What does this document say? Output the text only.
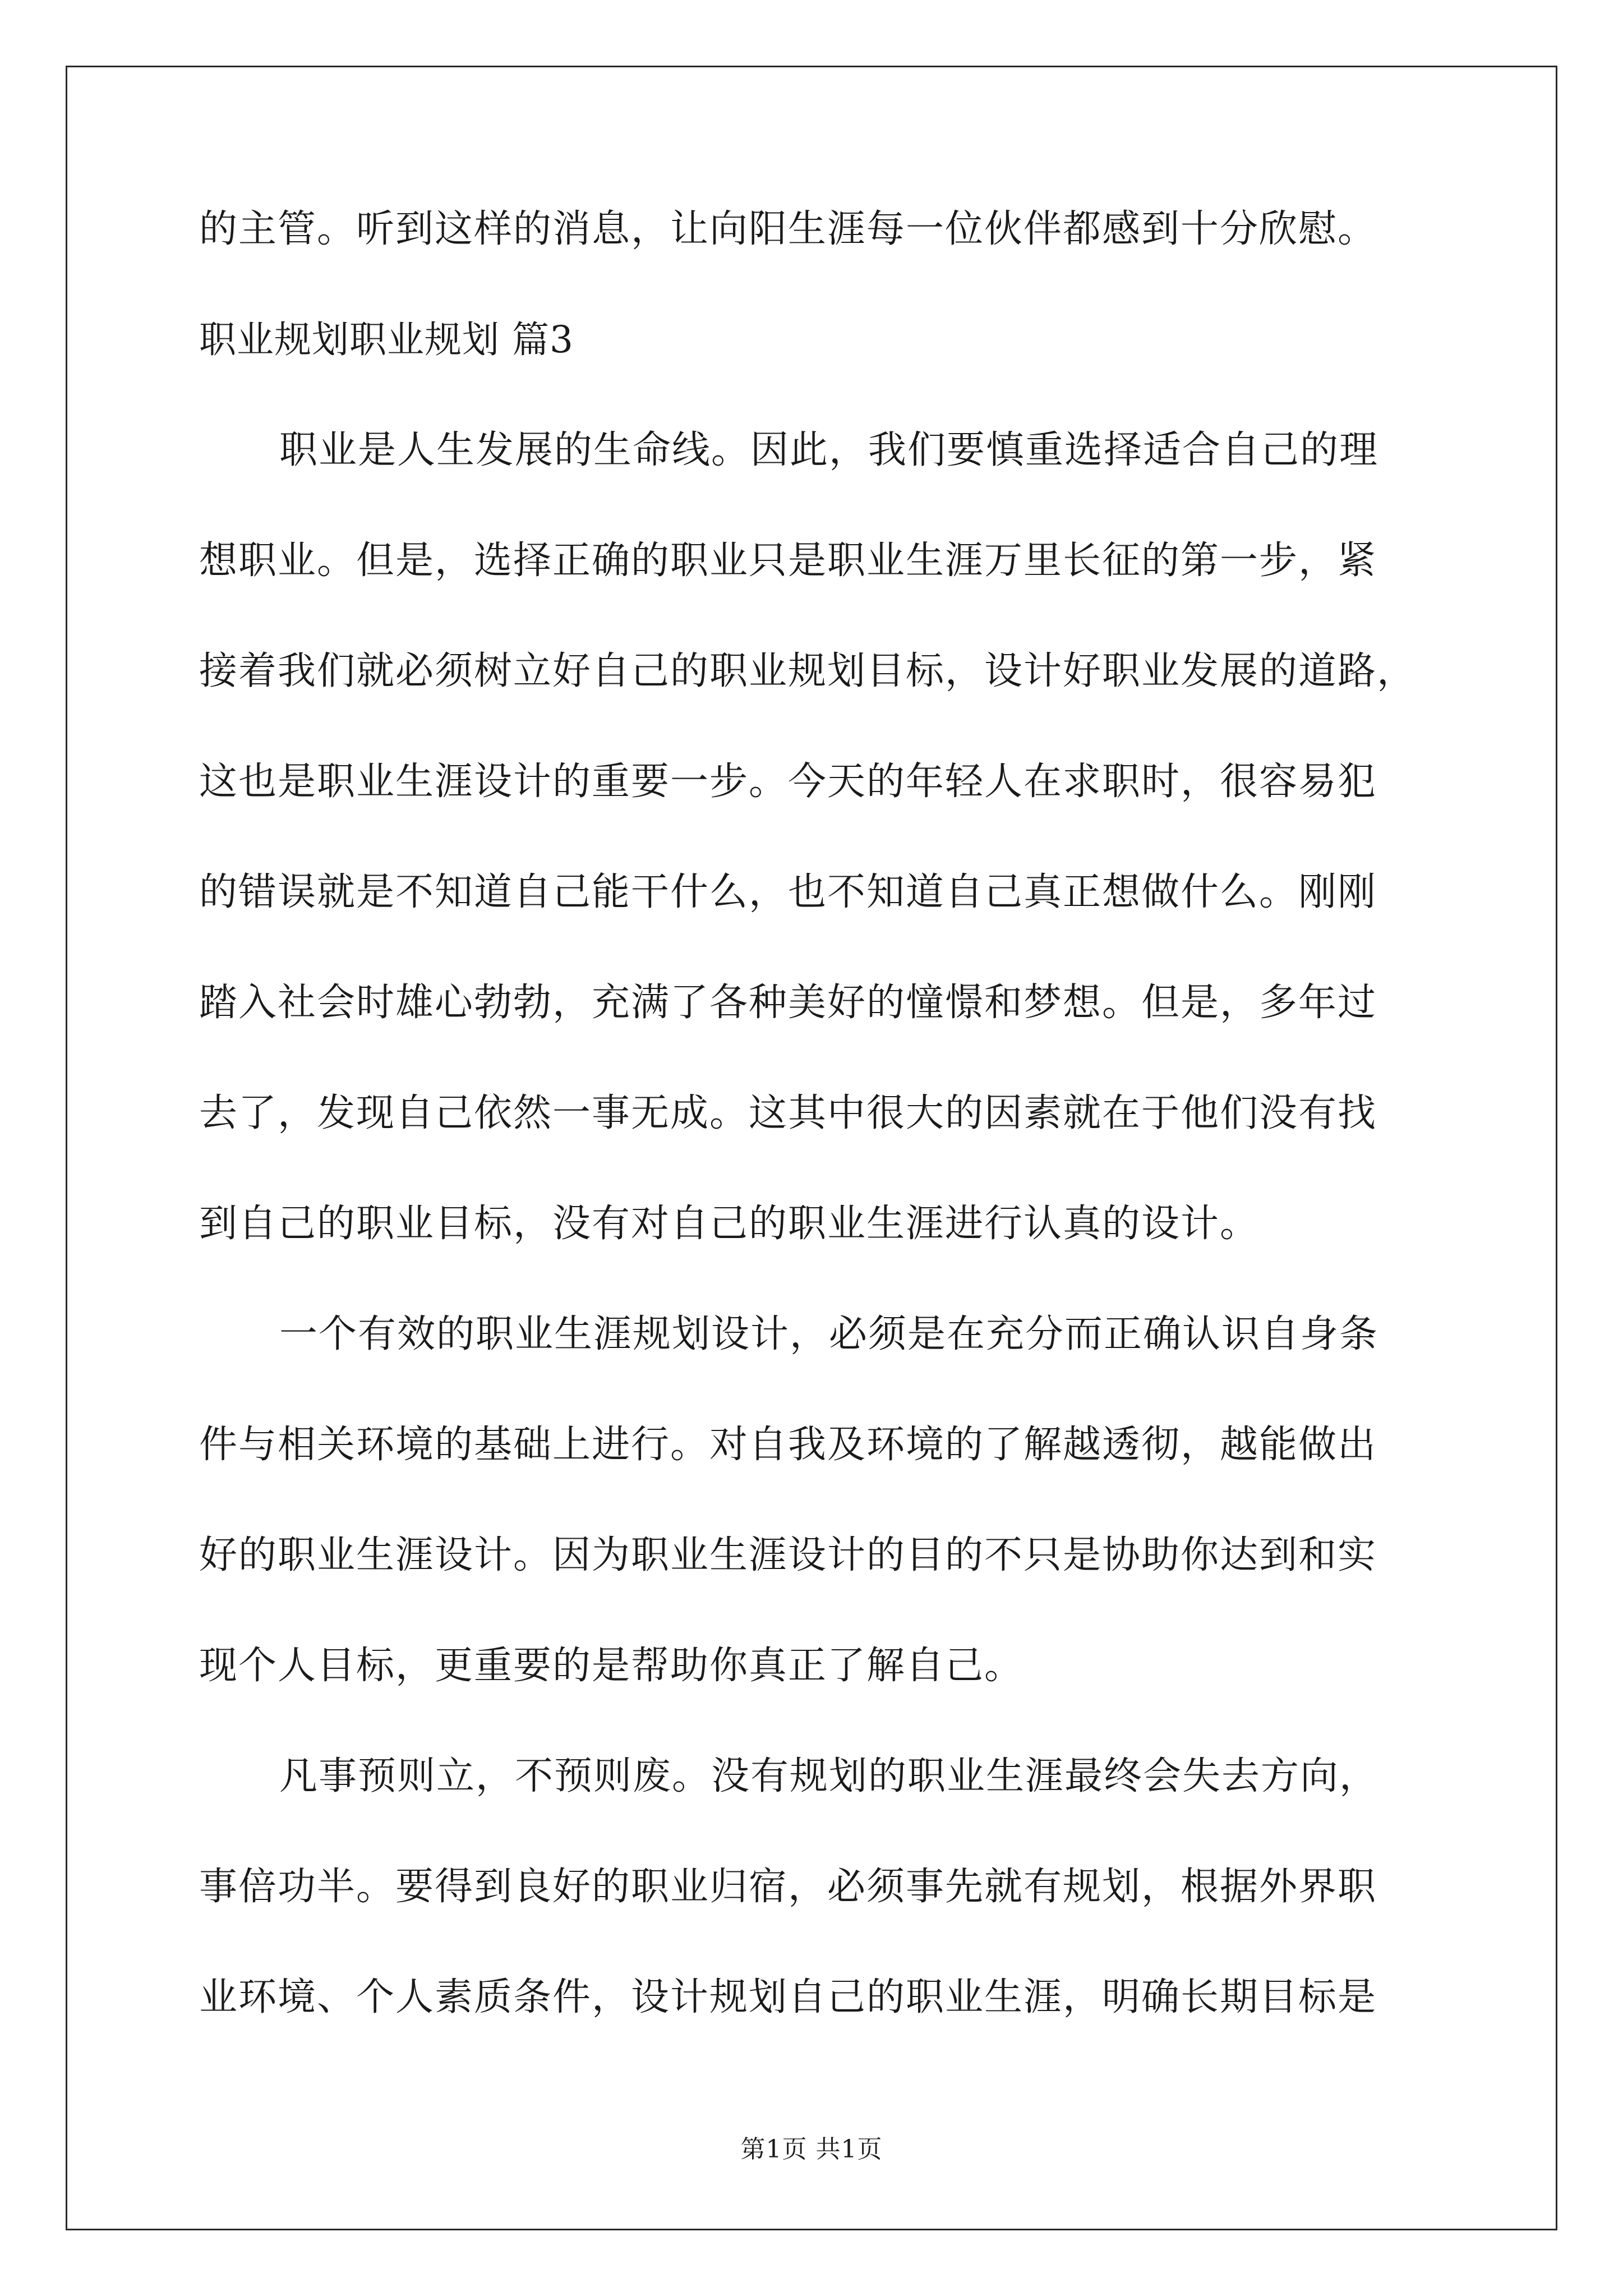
的主管。听到这样的消息，让向阳生涯每一位伙伴都感到十分欣慰。
职业规划职业规划 篇3
职业是人生发展的生命线。因此，我们要慎重选择适合自己的理
想职业。但是，选择正确的职业只是职业生涯万里长征的第一步，紧
接着我们就必须树立好自己的职业规划目标，设计好职业发展的道路，
这也是职业生涯设计的重要一步。今天的年轻人在求职时，很容易犯
的错误就是不知道自己能干什么，也不知道自己真正想做什么。刚刚
踏入社会时雄心勃勃，充满了各种美好的憧憬和梦想。但是，多年过
去了，发现自己依然一事无成。这其中很大的因素就在于他们没有找
到自己的职业目标，没有对自己的职业生涯进行认真的设计。
一个有效的职业生涯规划设计，必须是在充分而正确认识自身条
件与相关环境的基础上进行。对自我及环境的了解越透彻，越能做出
好的职业生涯设计。因为职业生涯设计的目的不只是协助你达到和实
现个人目标，更重要的是帮助你真正了解自己。
凡事预则立，不预则废。没有规划的职业生涯最终会失去方向，
事倍功半。要得到良好的职业归宿，必须事先就有规划，根据外界职
业环境、个人素质条件，设计规划自己的职业生涯，明确长期目标是
第1页 共1页
